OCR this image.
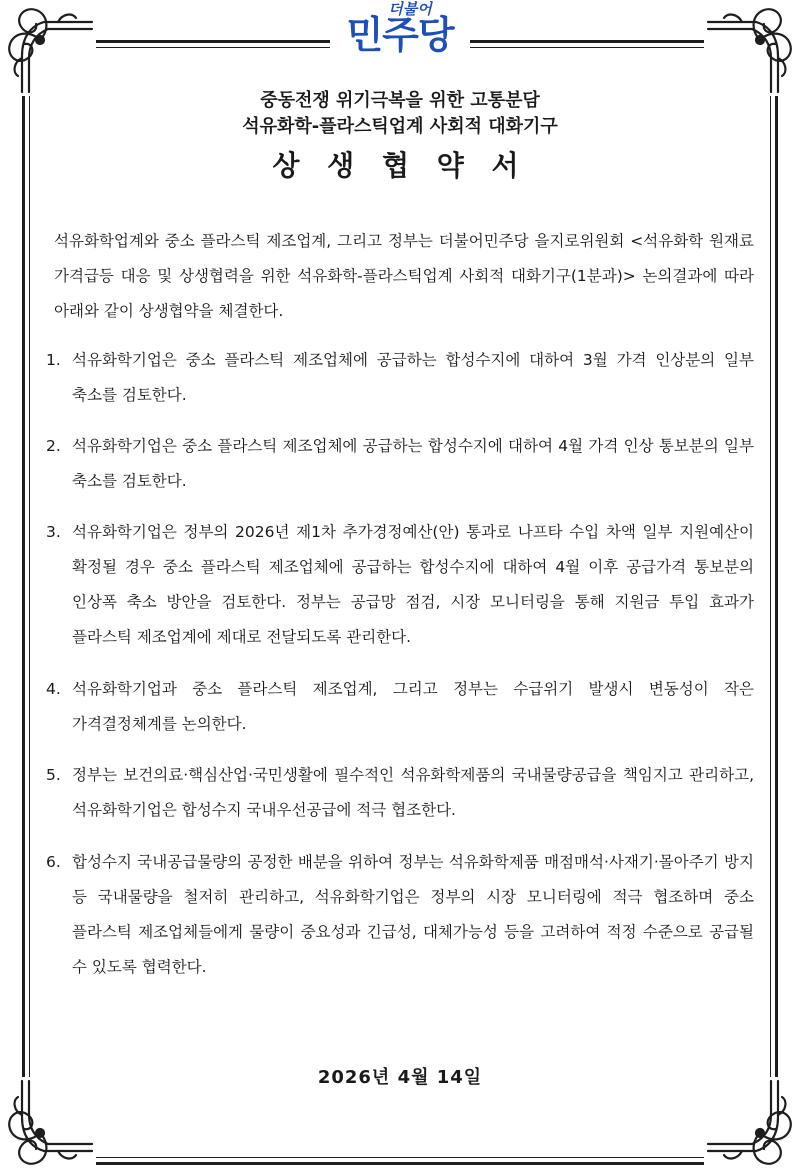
더불어
민주당
중동전쟁 위기극복을 위한 고통분담
석유화학-플라스틱업계 사회적 대화기구
상 생 협 약 서
석유화학업계와 중소 플라스틱 제조업계, 그리고 정부는 더불어민주당 을지로위원회 <석유화학 원재료 가격급등 대응 및 상생협력을 위한 석유화학-플라스틱업계 사회적 대화기구(1분과)> 논의결과에 따라 아래와 같이 상생협약을 체결한다.
1. 석유화학기업은 중소 플라스틱 제조업체에 공급하는 합성수지에 대하여 3월 가격 인상분의 일부 축소를 검토한다.
2. 석유화학기업은 중소 플라스틱 제조업체에 공급하는 합성수지에 대하여 4월 가격 인상 통보분의 일부 축소를 검토한다.
3. 석유화학기업은 정부의 2026년 제1차 추가경정예산(안) 통과로 나프타 수입 차액 일부 지원예산이 확정될 경우 중소 플라스틱 제조업체에 공급하는 합성수지에 대하여 4월 이후 공급가격 통보분의 인상폭 축소 방안을 검토한다. 정부는 공급망 점검, 시장 모니터링을 통해 지원금 투입 효과가 플라스틱 제조업계에 제대로 전달되도록 관리한다.
4. 석유화학기업과 중소 플라스틱 제조업계, 그리고 정부는 수급위기 발생시 변동성이 작은 가격결정체계를 논의한다.
5. 정부는 보건의료·핵심산업·국민생활에 필수적인 석유화학제품의 국내물량공급을 책임지고 관리하고, 석유화학기업은 합성수지 국내우선공급에 적극 협조한다.
6. 합성수지 국내공급물량의 공정한 배분을 위하여 정부는 석유화학제품 매점매석·사재기·몰아주기 방지 등 국내물량을 철저히 관리하고, 석유화학기업은 정부의 시장 모니터링에 적극 협조하며 중소 플라스틱 제조업체들에게 물량이 중요성과 긴급성, 대체가능성 등을 고려하여 적정 수준으로 공급될 수 있도록 협력한다.
2026년 4월 14일
